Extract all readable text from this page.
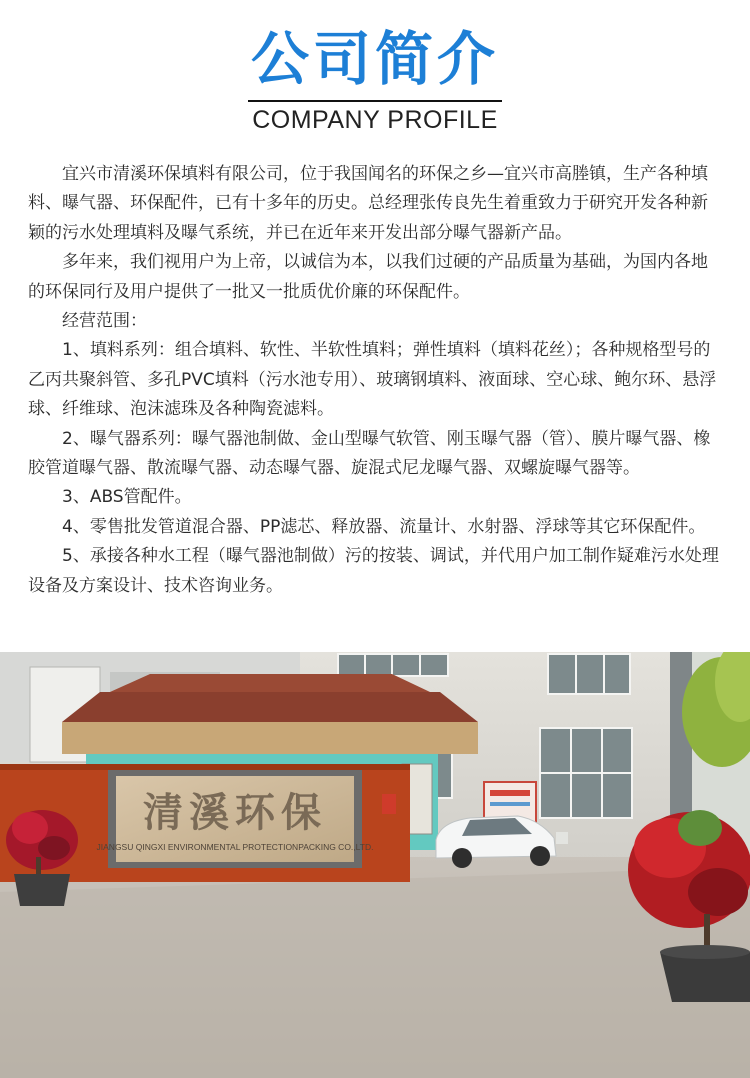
公司简介
COMPANY PROFILE

宜兴市清溪环保填料有限公司，位于我国闻名的环保之乡—宜兴市高塍镇，生产各种填料、曝气器、环保配件，已有十多年的历史。总经理张传良先生着重致力于研究开发各种新颖的污水处理填料及曝气系统，并已在近年来开发出部分曝气器新产品。

多年来，我们视用户为上帝，以诚信为本，以我们过硬的产品质量为基础，为国内各地的环保同行及用户提供了一批又一批质优价廉的环保配件。

经营范围：

1、填料系列：组合填料、软性、半软性填料；弹性填料（填料花丝）；各种规格型号的乙丙共聚斜管、多孔PVC填料（污水池专用）、玻璃钢填料、液面球、空心球、鲍尔环、悬浮球、纤维球、泡沫滤珠及各种陶瓷滤料。

2、曝气器系列：曝气器池制做、金山型曝气软管、刚玉曝气器（管）、膜片曝气器、橡胶管道曝气器、散流曝气器、动态曝气器、旋混式尼龙曝气器、双螺旋曝气器等。

3、ABS管配件。

4、零售批发管道混合器、PP滤芯、释放器、流量计、水射器、浮球等其它环保配件。

5、承接各种水工程（曝气器池制做）污的按装、调试，并代用户加工制作疑难污水处理设备及方案设计、技术咨询业务。

清溪环保
JIANGSU QINGXI ENVIRONMENTAL PROTECTIONPACKING CO.,LTD.
